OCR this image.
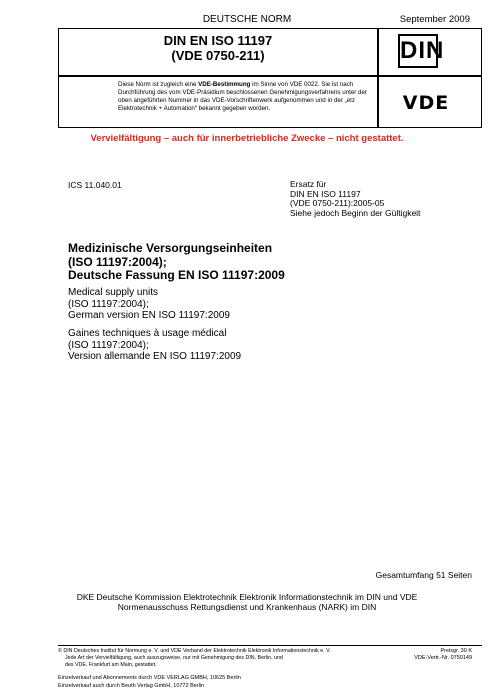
DEUTSCHE NORM	September 2009
DIN EN ISO 11197
(VDE 0750-211)	DIN
Diese Norm ist zugleich eine VDE-Bestimmung im Sinne von VDE 0022. Sie ist nach Durchführung des vom VDE-Präsidium beschlossenen Genehmigungsverfahrens unter der oben angeführten Nummer in das VDE-Vorschriftenwerk aufgenommen und in der „etz Elektrotechnik + Automation“ bekannt gegeben worden.	VDE
Vervielfältigung – auch für innerbetriebliche Zwecke – nicht gestattet.
ICS 11.040.01	Ersatz für
DIN EN ISO 11197
(VDE 0750-211):2005-05
Siehe jedoch Beginn der Gültigkeit
Medizinische Versorgungseinheiten
(ISO 11197:2004);
Deutsche Fassung EN ISO 11197:2009
Medical supply units
(ISO 11197:2004);
German version EN ISO 11197:2009
Gaines techniques à usage médical
(ISO 11197:2004);
Version allemande EN ISO 11197:2009
Gesamtumfang 51 Seiten
DKE Deutsche Kommission Elektrotechnik Elektronik Informationstechnik im DIN und VDE
Normenausschuss Rettungsdienst und Krankenhaus (NARK) im DIN
© DIN Deutsches Institut für Normung e. V. und VDE Verband der Elektrotechnik Elektronik Informationstechnik e. V.
Jede Art der Vervielfältigung, auch auszugsweise, nur mit Genehmigung des DIN, Berlin, und
des VDE, Frankfurt am Main, gestattet.
Preisgr. 30 K
VDE-Vertr.-Nr. 0750149
Einzelverkauf und Abonnements durch VDE VERLAG GMBH, 10625 Berlin
Einzelverkauf auch durch Beuth Verlag GmbH, 10772 Berlin
